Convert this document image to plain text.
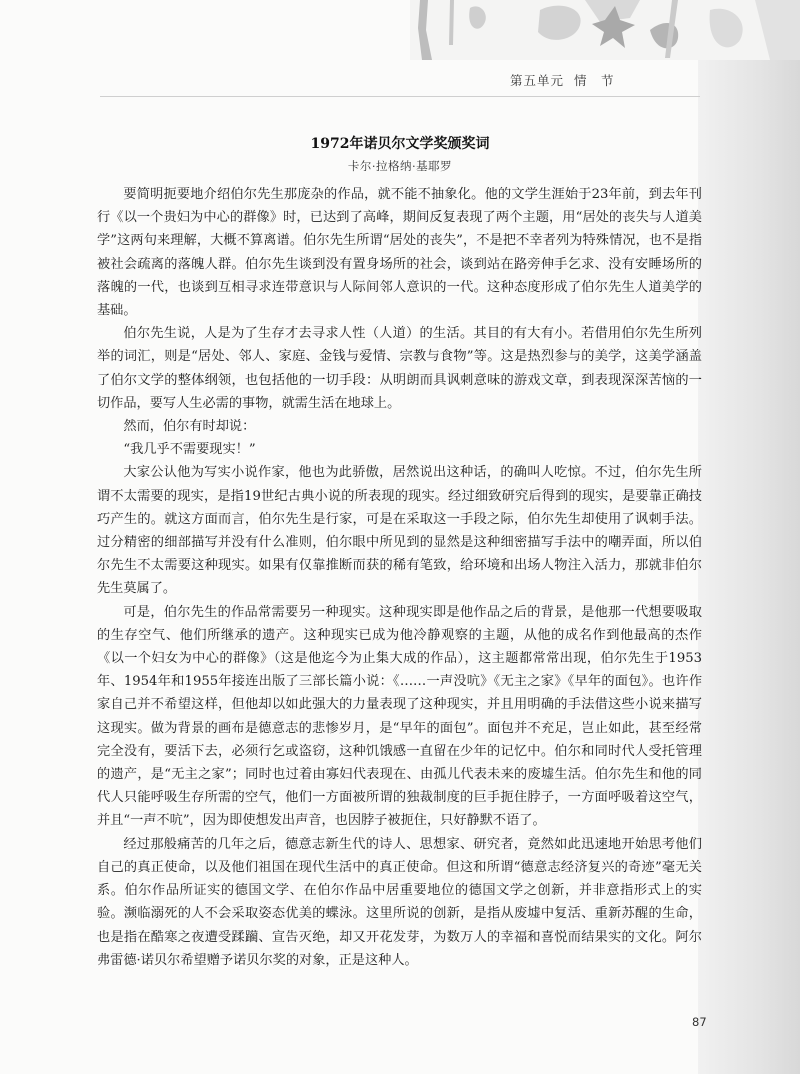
第五单元 情　节
1972年诺贝尔文学奖颁奖词
卡尔·拉格纳·基耶罗

要简明扼要地介绍伯尔先生那庞杂的作品，就不能不抽象化。他的文学生涯始于23年前，到去年刊行《以一个贵妇为中心的群像》时，已达到了高峰，期间反复表现了两个主题，用“居处的丧失与人道美学”这两句来理解，大概不算离谱。伯尔先生所谓“居处的丧失”，不是把不幸者列为特殊情况，也不是指被社会疏离的落魄人群。伯尔先生谈到没有置身场所的社会，谈到站在路旁伸手乞求、没有安睡场所的落魄的一代，也谈到互相寻求连带意识与人际间邻人意识的一代。这种态度形成了伯尔先生人道美学的基础。

伯尔先生说，人是为了生存才去寻求人性（人道）的生活。其目的有大有小。若借用伯尔先生所列举的词汇，则是“居处、邻人、家庭、金钱与爱情、宗教与食物”等。这是热烈参与的美学，这美学涵盖了伯尔文学的整体纲领，也包括他的一切手段：从明朗而具讽刺意味的游戏文章，到表现深深苦恼的一切作品，要写人生必需的事物，就需生活在地球上。

然而，伯尔有时却说：

“我几乎不需要现实！”

大家公认他为写实小说作家，他也为此骄傲，居然说出这种话，的确叫人吃惊。不过，伯尔先生所谓不太需要的现实，是指19世纪古典小说的所表现的现实。经过细致研究后得到的现实，是要靠正确技巧产生的。就这方面而言，伯尔先生是行家，可是在采取这一手段之际，伯尔先生却使用了讽刺手法。过分精密的细部描写并没有什么准则，伯尔眼中所见到的显然是这种细密描写手法中的嘲弄面，所以伯尔先生不太需要这种现实。如果有仅靠推断而获的稀有笔致，给环境和出场人物注入活力，那就非伯尔先生莫属了。

可是，伯尔先生的作品常需要另一种现实。这种现实即是他作品之后的背景，是他那一代想要吸取的生存空气、他们所继承的遗产。这种现实已成为他冷静观察的主题，从他的成名作到他最高的杰作《以一个妇女为中心的群像》（这是他迄今为止集大成的作品），这主题都常常出现，伯尔先生于1953年、1954年和1955年接连出版了三部长篇小说：《……一声没吭》《无主之家》《早年的面包》。也许作家自己并不希望这样，但他却以如此强大的力量表现了这种现实，并且用明确的手法借这些小说来描写这现实。做为背景的画布是德意志的悲惨岁月，是“早年的面包”。面包并不充足，岂止如此，甚至经常完全没有，要活下去，必须行乞或盗窃，这种饥饿感一直留在少年的记忆中。伯尔和同时代人受托管理的遗产，是“无主之家”；同时也过着由寡妇代表现在、由孤儿代表未来的废墟生活。伯尔先生和他的同代人只能呼吸生存所需的空气，他们一方面被所谓的独裁制度的巨手扼住脖子，一方面呼吸着这空气，并且“一声不吭”，因为即使想发出声音，也因脖子被扼住，只好静默不语了。

经过那般痛苦的几年之后，德意志新生代的诗人、思想家、研究者，竟然如此迅速地开始思考他们自己的真正使命，以及他们祖国在现代生活中的真正使命。但这和所谓“德意志经济复兴的奇迹”毫无关系。伯尔作品所证实的德国文学、在伯尔作品中居重要地位的德国文学之创新，并非意指形式上的实验。濒临溺死的人不会采取姿态优美的蝶泳。这里所说的创新，是指从废墟中复活、重新苏醒的生命，也是指在酷寒之夜遭受蹂躏、宣告灭绝，却又开花发芽，为数万人的幸福和喜悦而结果实的文化。阿尔弗雷德·诺贝尔希望赠予诺贝尔奖的对象，正是这种人。

87
